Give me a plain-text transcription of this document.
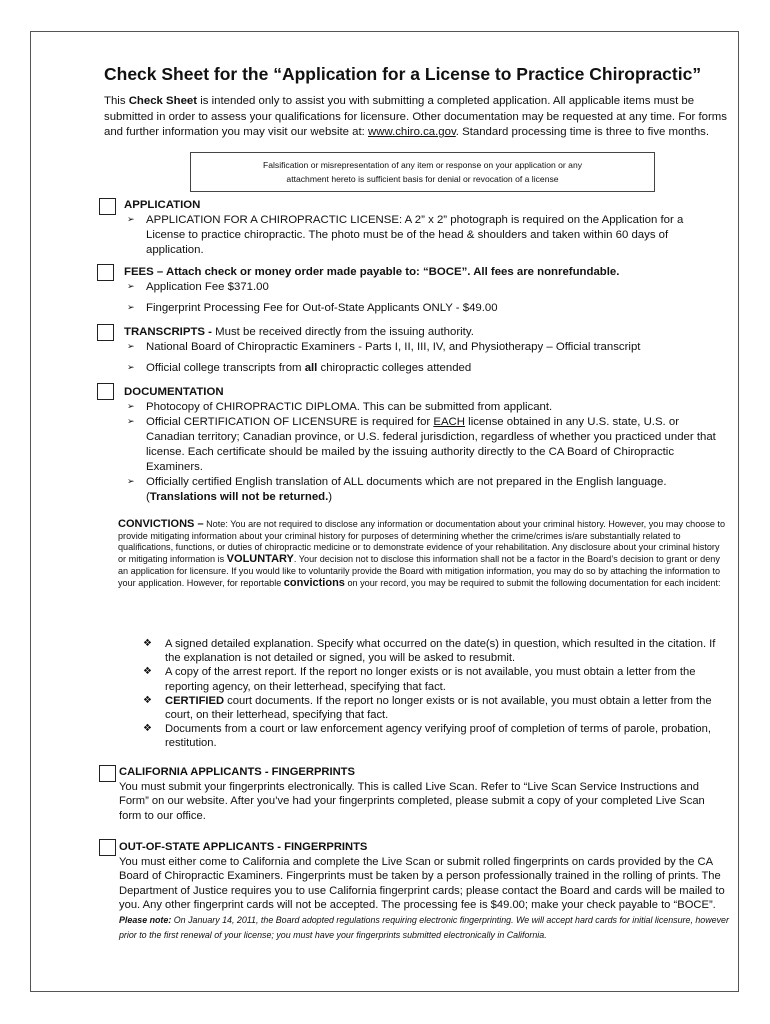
Check Sheet for the “Application for a License to Practice Chiropractic”
This Check Sheet is intended only to assist you with submitting a completed application. All applicable items must be submitted in order to assess your qualifications for licensure. Other documentation may be requested at any time. For forms and further information you may visit our website at: www.chiro.ca.gov. Standard processing time is three to five months.
Falsification or misrepresentation of any item or response on your application or any
attachment hereto is sufficient basis for denial or revocation of a license
APPLICATION
➢ APPLICATION FOR A CHIROPRACTIC LICENSE: A 2” x 2” photograph is required on the Application for a License to practice chiropractic. The photo must be of the head & shoulders and taken within 60 days of application.
FEES – Attach check or money order made payable to: “BOCE”. All fees are nonrefundable.
➢ Application Fee $371.00
➢ Fingerprint Processing Fee for Out-of-State Applicants ONLY - $49.00
TRANSCRIPTS - Must be received directly from the issuing authority.
➢ National Board of Chiropractic Examiners - Parts I, II, III, IV, and Physiotherapy – Official transcript
➢ Official college transcripts from all chiropractic colleges attended
DOCUMENTATION
➢ Photocopy of CHIROPRACTIC DIPLOMA. This can be submitted from applicant.
➢ Official CERTIFICATION OF LICENSURE is required for EACH license obtained in any U.S. state, U.S. or Canadian territory; Canadian province, or U.S. federal jurisdiction, regardless of whether you practiced under that license. Each certificate should be mailed by the issuing authority directly to the CA Board of Chiropractic Examiners.
➢ Officially certified English translation of ALL documents which are not prepared in the English language. (Translations will not be returned.)
CONVICTIONS – Note: You are not required to disclose any information or documentation about your criminal history. However, you may choose to provide mitigating information about your criminal history for purposes of determining whether the crime/crimes is/are substantially related to qualifications, functions, or duties of chiropractic medicine or to demonstrate evidence of your rehabilitation. Any disclosure about your criminal history or mitigating information is VOLUNTARY. Your decision not to disclose this information shall not be a factor in the Board’s decision to grant or deny an application for licensure. If you would like to voluntarily provide the Board with mitigation information, you may do so by attaching the information to your application. However, for reportable convictions on your record, you may be required to submit the following documentation for each incident:
❖ A signed detailed explanation. Specify what occurred on the date(s) in question, which resulted in the citation. If the explanation is not detailed or signed, you will be asked to resubmit.
❖ A copy of the arrest report. If the report no longer exists or is not available, you must obtain a letter from the reporting agency, on their letterhead, specifying that fact.
❖ CERTIFIED court documents. If the report no longer exists or is not available, you must obtain a letter from the court, on their letterhead, specifying that fact.
❖ Documents from a court or law enforcement agency verifying proof of completion of terms of parole, probation, restitution.
CALIFORNIA APPLICANTS - FINGERPRINTS
You must submit your fingerprints electronically. This is called Live Scan. Refer to “Live Scan Service Instructions and Form” on our website. After you’ve had your fingerprints completed, please submit a copy of your completed Live Scan form to our office.
OUT-OF-STATE APPLICANTS - FINGERPRINTS
You must either come to California and complete the Live Scan or submit rolled fingerprints on cards provided by the CA Board of Chiropractic Examiners. Fingerprints must be taken by a person professionally trained in the rolling of prints. The Department of Justice requires you to use California fingerprint cards; please contact the Board and cards will be mailed to you. Any other fingerprint cards will not be accepted. The processing fee is $49.00; make your check payable to “BOCE”. Please note: On January 14, 2011, the Board adopted regulations requiring electronic fingerprinting. We will accept hard cards for initial licensure, however prior to the first renewal of your license; you must have your fingerprints submitted electronically in California.
